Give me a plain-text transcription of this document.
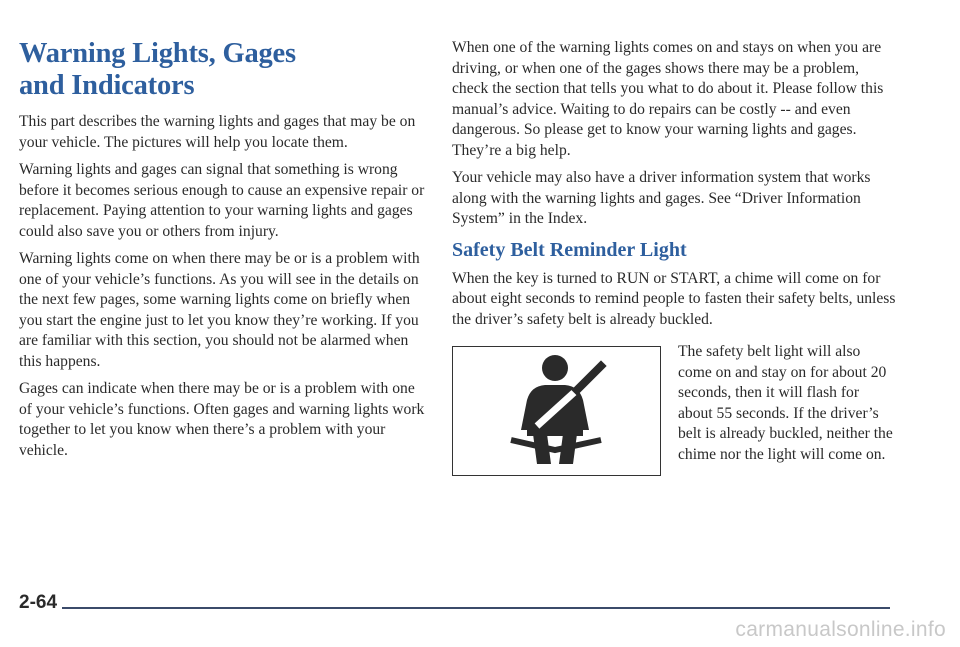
Warning Lights, Gages
and Indicators

This part describes the warning lights and gages that may be on your vehicle. The pictures will help you locate them.

Warning lights and gages can signal that something is wrong before it becomes serious enough to cause an expensive repair or replacement. Paying attention to your warning lights and gages could also save you or others from injury.

Warning lights come on when there may be or is a problem with one of your vehicle’s functions. As you will see in the details on the next few pages, some warning lights come on briefly when you start the engine just to let you know they’re working. If you are familiar with this section, you should not be alarmed when this happens.

Gages can indicate when there may be or is a problem with one of your vehicle’s functions. Often gages and warning lights work together to let you know when there’s a problem with your vehicle.

When one of the warning lights comes on and stays on when you are driving, or when one of the gages shows there may be a problem, check the section that tells you what to do about it. Please follow this manual’s advice. Waiting to do repairs can be costly -- and even dangerous. So please get to know your warning lights and gages. They’re a big help.

Your vehicle may also have a driver information system that works along with the warning lights and gages. See “Driver Information System” in the Index.

Safety Belt Reminder Light

When the key is turned to RUN or START, a chime will come on for about eight seconds to remind people to fasten their safety belts, unless the driver’s safety belt is already buckled.

The safety belt light will also come on and stay on for about 20 seconds, then it will flash for about 55 seconds. If the driver’s belt is already buckled, neither the chime nor the light will come on.

2-64
carmanualsonline.info
